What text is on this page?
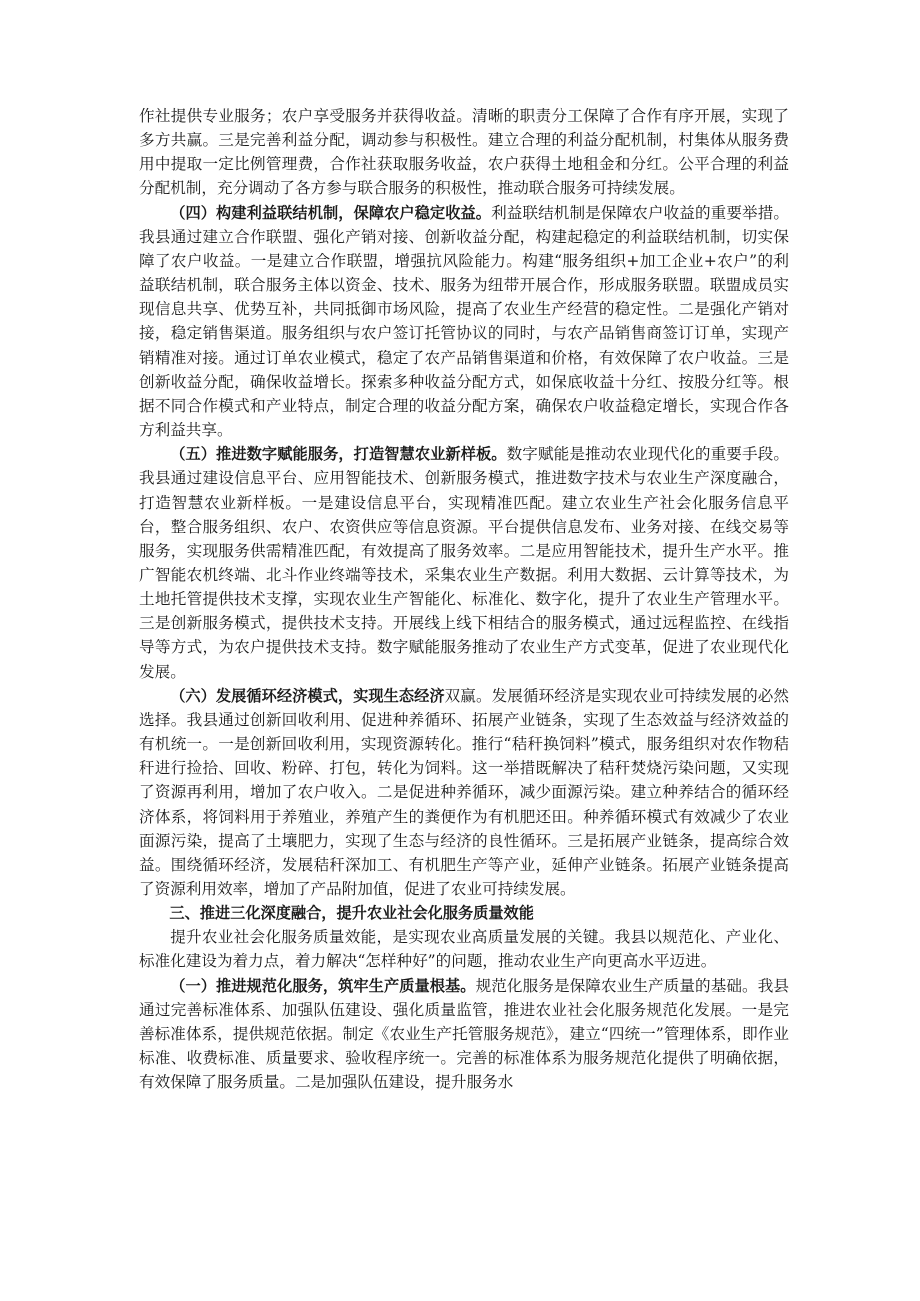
作社提供专业服务；农户享受服务并获得收益。清晰的职责分工保障了合作有序开展，实现了多方共赢。三是完善利益分配，调动参与积极性。建立合理的利益分配机制，村集体从服务费用中提取一定比例管理费，合作社获取服务收益，农户获得土地租金和分红。公平合理的利益分配机制，充分调动了各方参与联合服务的积极性，推动联合服务可持续发展。

（四）构建利益联结机制，保障农户稳定收益。利益联结机制是保障农户收益的重要举措。我县通过建立合作联盟、强化产销对接、创新收益分配，构建起稳定的利益联结机制，切实保障了农户收益。一是建立合作联盟，增强抗风险能力。构建“服务组织+加工企业+农户”的利益联结机制，联合服务主体以资金、技术、服务为纽带开展合作，形成服务联盟。联盟成员实现信息共享、优势互补，共同抵御市场风险，提高了农业生产经营的稳定性。二是强化产销对接，稳定销售渠道。服务组织与农户签订托管协议的同时，与农产品销售商签订订单，实现产销精准对接。通过订单农业模式，稳定了农产品销售渠道和价格，有效保障了农户收益。三是创新收益分配，确保收益增长。探索多种收益分配方式，如保底收益十分红、按股分红等。根据不同合作模式和产业特点，制定合理的收益分配方案，确保农户收益稳定增长，实现合作各方利益共享。

（五）推进数字赋能服务，打造智慧农业新样板。数字赋能是推动农业现代化的重要手段。我县通过建设信息平台、应用智能技术、创新服务模式，推进数字技术与农业生产深度融合，打造智慧农业新样板。一是建设信息平台，实现精准匹配。建立农业生产社会化服务信息平台，整合服务组织、农户、农资供应等信息资源。平台提供信息发布、业务对接、在线交易等服务，实现服务供需精准匹配，有效提高了服务效率。二是应用智能技术，提升生产水平。推广智能农机终端、北斗作业终端等技术，采集农业生产数据。利用大数据、云计算等技术，为土地托管提供技术支撑，实现农业生产智能化、标准化、数字化，提升了农业生产管理水平。三是创新服务模式，提供技术支持。开展线上线下相结合的服务模式，通过远程监控、在线指导等方式，为农户提供技术支持。数字赋能服务推动了农业生产方式变革，促进了农业现代化发展。

（六）发展循环经济模式，实现生态经济双赢。发展循环经济是实现农业可持续发展的必然选择。我县通过创新回收利用、促进种养循环、拓展产业链条，实现了生态效益与经济效益的有机统一。一是创新回收利用，实现资源转化。推行“秸秆换饲料”模式，服务组织对农作物秸秆进行捡拾、回收、粉碎、打包，转化为饲料。这一举措既解决了秸秆焚烧污染问题，又实现了资源再利用，增加了农户收入。二是促进种养循环，减少面源污染。建立种养结合的循环经济体系，将饲料用于养殖业，养殖产生的粪便作为有机肥还田。种养循环模式有效减少了农业面源污染，提高了土壤肥力，实现了生态与经济的良性循环。三是拓展产业链条，提高综合效益。围绕循环经济，发展秸秆深加工、有机肥生产等产业，延伸产业链条。拓展产业链条提高了资源利用效率，增加了产品附加值，促进了农业可持续发展。

三、推进三化深度融合，提升农业社会化服务质量效能

提升农业社会化服务质量效能，是实现农业高质量发展的关键。我县以规范化、产业化、标准化建设为着力点，着力解决“怎样种好”的问题，推动农业生产向更高水平迈进。

（一）推进规范化服务，筑牢生产质量根基。规范化服务是保障农业生产质量的基础。我县通过完善标准体系、加强队伍建设、强化质量监管，推进农业社会化服务规范化发展。一是完善标准体系，提供规范依据。制定《农业生产托管服务规范》，建立“四统一”管理体系，即作业标准、收费标准、质量要求、验收程序统一。完善的标准体系为服务规范化提供了明确依据，有效保障了服务质量。二是加强队伍建设，提升服务水
